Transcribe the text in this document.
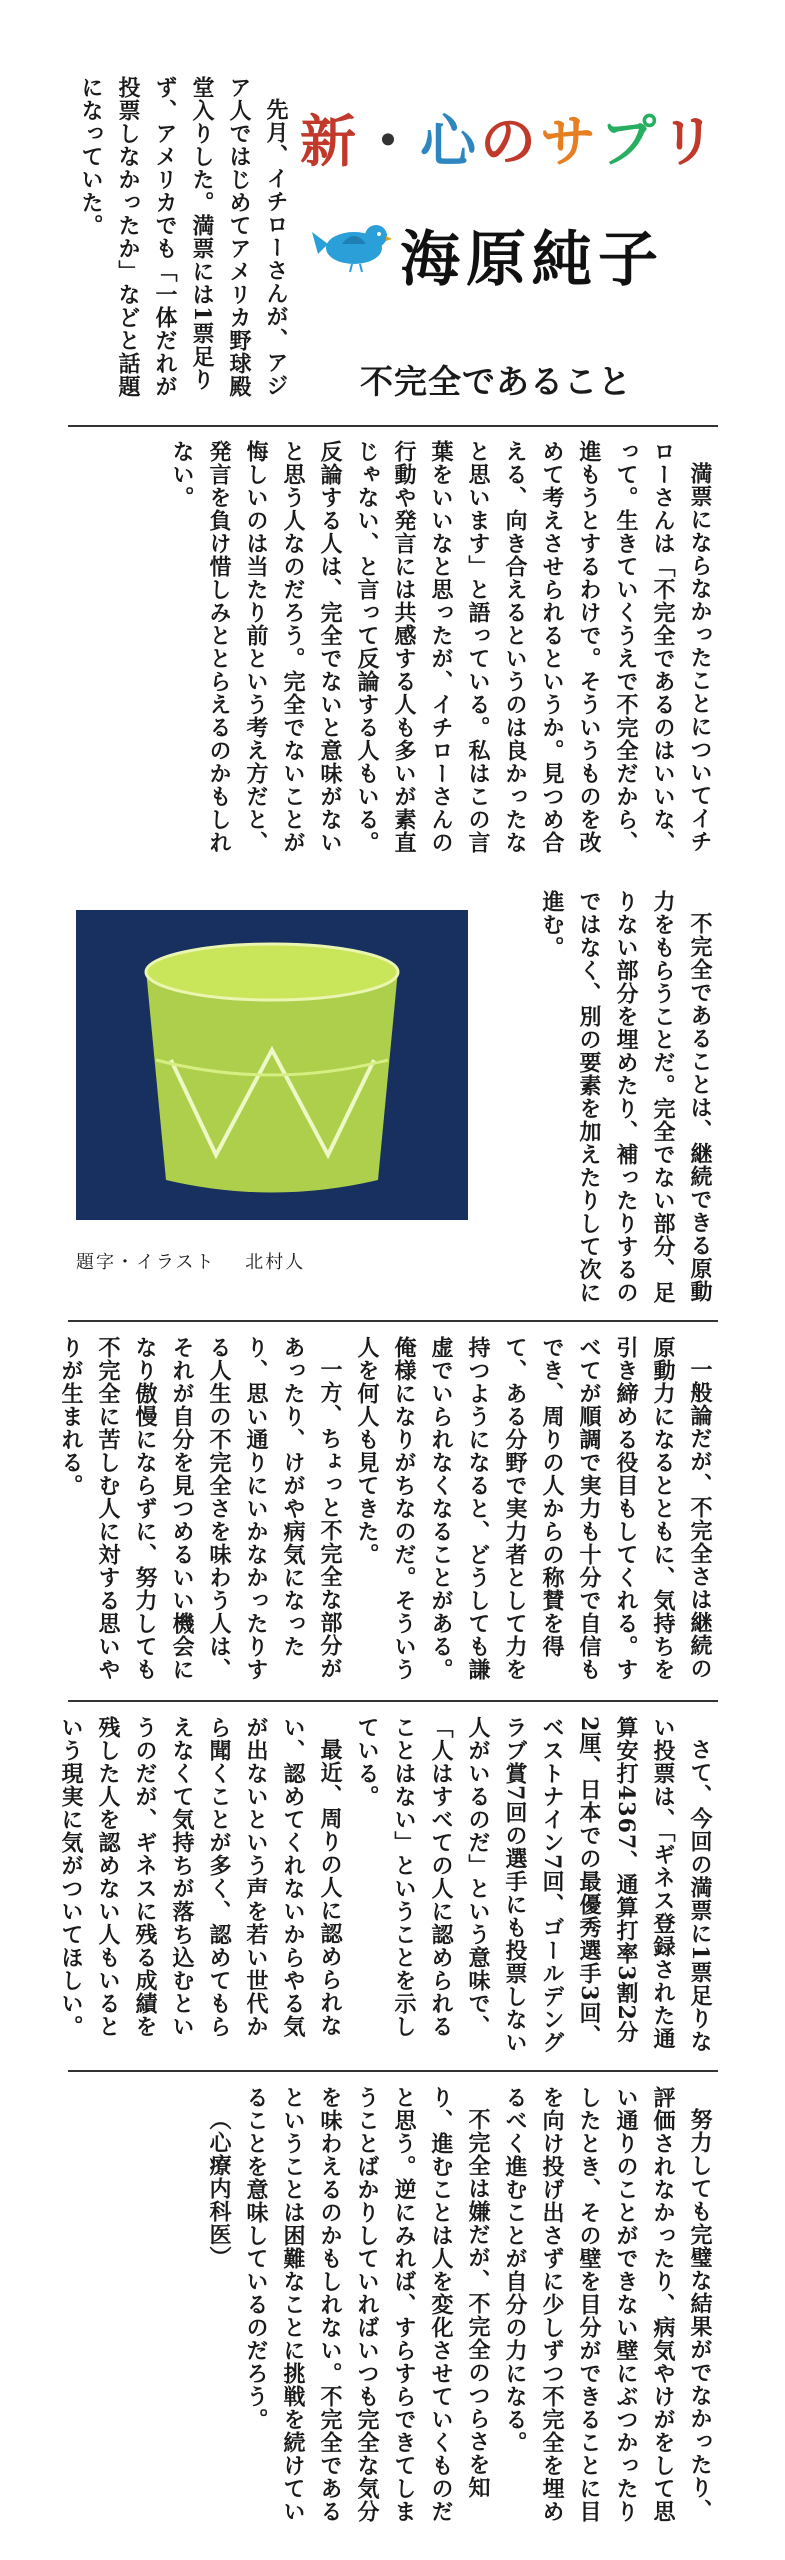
新・心のサプリ
海原純子
不完全であること

先月、イチローさんが、アジア人ではじめてアメリカ野球殿堂入りした。満票には1票足りず、アメリカでも「一体だれが投票しなかったか」などと話題になっていた。

満票にならなかったことについてイチローさんは「不完全であるのはいいな、って。生きていくうえで不完全だから、進もうとするわけで。そういうものを改めて考えさせられるというか。見つめ合える、向き合えるというのは良かったなと思います」と語っている。私はこの言葉をいいなと思ったが、イチローさんの行動や発言には共感する人も多いが素直じゃない、と言って反論する人もいる。反論する人は、完全でないと意味がないと思う人なのだろう。完全でないことが悔しいのは当たり前という考え方だと、発言を負け惜しみととらえるのかもしれない。

不完全であることは、継続できる原動力をもらうことだ。完全でない部分、足りない部分を埋めたり、補ったりするのではなく、別の要素を加えたりして次に進む。

題字・イラスト 北村人

一般論だが、不完全さは継続の原動力になるとともに、気持ちを引き締める役目もしてくれる。すべてが順調で実力も十分で自信もでき、周りの人からの称賛を得て、ある分野で実力者として力を持つようになると、どうしても謙虚でいられなくなることがある。俺様になりがちなのだ。そういう人を何人も見てきた。

一方、ちょっと不完全な部分があったり、けがや病気になったり、思い通りにいかなかったりする人生の不完全さを味わう人は、それが自分を見つめるいい機会になり傲慢にならずに、努力しても不完全に苦しむ人に対する思いやりが生まれる。

さて、今回の満票に1票足りない投票は、「ギネス登録された通算安打4367、通算打率3割2分2厘、日本での最優秀選手3回、ベストナイン7回、ゴールデングラブ賞7回の選手にも投票しない人がいるのだ」という意味で、「人はすべての人に認められることはない」ということを示している。

最近、周りの人に認められない、認めてくれないからやる気が出ないという声を若い世代から聞くことが多く、認めてもらえなくて気持ちが落ち込むというのだが、ギネスに残る成績を残した人を認めない人もいるという現実に気がついてほしい。

努力しても完璧な結果がでなかったり、評価されなかったり、病気やけがをして思い通りのことができない壁にぶつかったりしたとき、その壁を目分ができることに目を向け投げ出さずに少しずつ不完全を埋めるべく進むことが自分の力になる。

不完全は嫌だが、不完全のつらさを知り、進むことは人を変化させていくものだと思う。逆にみれば、すらすらできてしまうことばかりしていればいつも完全な気分を味わえるのかもしれない。不完全であるということは困難なことに挑戦を続けていることを意味しているのだろう。

（心療内科医）
